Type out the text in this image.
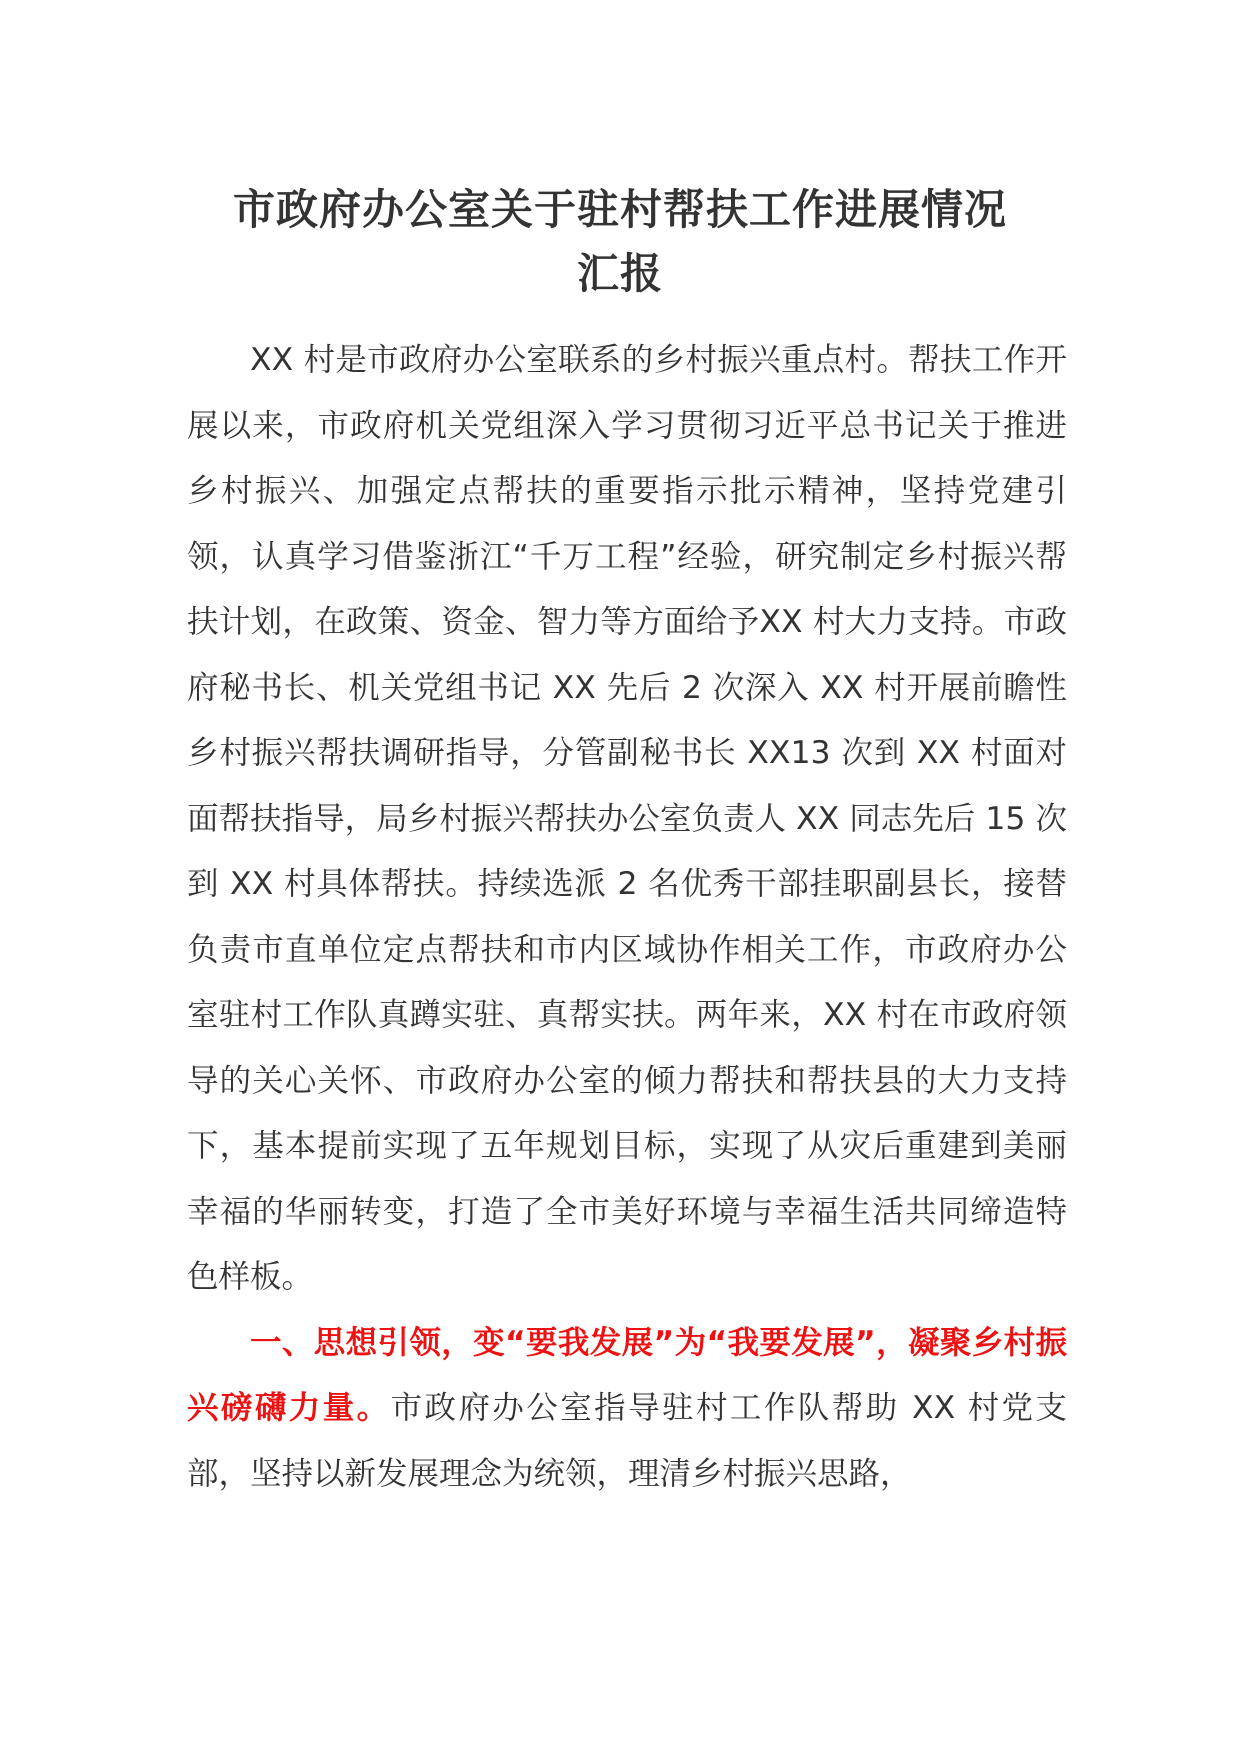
市政府办公室关于驻村帮扶工作进展情况
汇报

XX 村是市政府办公室联系的乡村振兴重点村。帮扶工作开展以来，市政府机关党组深入学习贯彻习近平总书记关于推进乡村振兴、加强定点帮扶的重要指示批示精神，坚持党建引领，认真学习借鉴浙江“千万工程”经验，研究制定乡村振兴帮扶计划，在政策、资金、智力等方面给予XX 村大力支持。市政府秘书长、机关党组书记 XX 先后 2 次深入 XX 村开展前瞻性乡村振兴帮扶调研指导，分管副秘书长 XX13 次到 XX 村面对面帮扶指导，局乡村振兴帮扶办公室负责人 XX 同志先后 15 次到 XX 村具体帮扶。持续选派 2 名优秀干部挂职副县长，接替负责市直单位定点帮扶和市内区域协作相关工作，市政府办公室驻村工作队真蹲实驻、真帮实扶。两年来，XX 村在市政府领导的关心关怀、市政府办公室的倾力帮扶和帮扶县的大力支持下，基本提前实现了五年规划目标，实现了从灾后重建到美丽幸福的华丽转变，打造了全市美好环境与幸福生活共同缔造特色样板。

一、思想引领，变“要我发展”为“我要发展”，凝聚乡村振兴磅礴力量。市政府办公室指导驻村工作队帮助 XX 村党支部，坚持以新发展理念为统领，理清乡村振兴思路，
